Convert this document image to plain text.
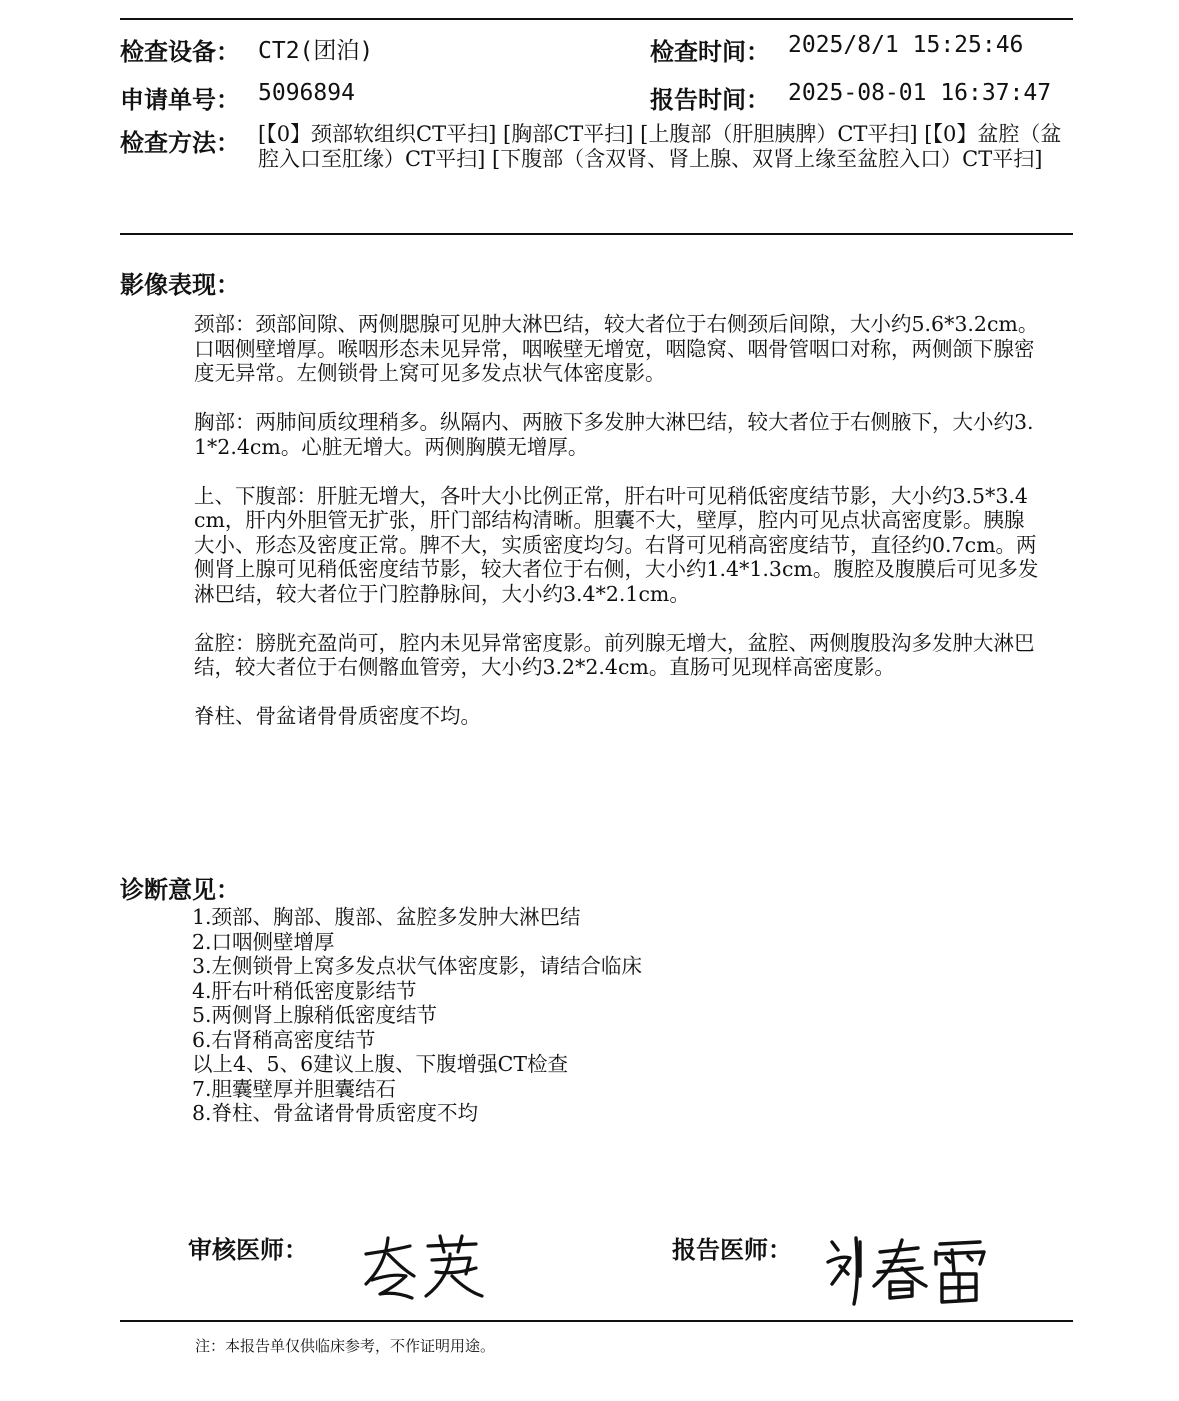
检查设备： CT2(团泊)	检查时间： 2025/8/1 15:25:46
申请单号： 5096894	报告时间： 2025-08-01 16:37:47
检查方法： [【0】颈部软组织CT平扫] [胸部CT平扫] [上腹部（肝胆胰脾）CT平扫] [【0】盆腔（盆腔入口至肛缘）CT平扫] [下腹部（含双肾、肾上腺、双肾上缘至盆腔入口）CT平扫]
影像表现：

颈部：颈部间隙、两侧腮腺可见肿大淋巴结，较大者位于右侧颈后间隙，大小约5.6*3.2cm。口咽侧壁增厚。喉咽形态未见异常，咽喉壁无增宽，咽隐窝、咽骨管咽口对称，两侧颌下腺密度无异常。左侧锁骨上窝可见多发点状气体密度影。

胸部：两肺间质纹理稍多。纵隔内、两腋下多发肿大淋巴结，较大者位于右侧腋下，大小约3.1*2.4cm。心脏无增大。两侧胸膜无增厚。

上、下腹部：肝脏无增大，各叶大小比例正常，肝右叶可见稍低密度结节影，大小约3.5*3.4cm，肝内外胆管无扩张，肝门部结构清晰。胆囊不大，壁厚，腔内可见点状高密度影。胰腺大小、形态及密度正常。脾不大，实质密度均匀。右肾可见稍高密度结节，直径约0.7cm。两侧肾上腺可见稍低密度结节影，较大者位于右侧，大小约1.4*1.3cm。腹腔及腹膜后可见多发淋巴结，较大者位于门腔静脉间，大小约3.4*2.1cm。

盆腔：膀胱充盈尚可，腔内未见异常密度影。前列腺无增大，盆腔、两侧腹股沟多发肿大淋巴结，较大者位于右侧髂血管旁，大小约3.2*2.4cm。直肠可见现样高密度影。

脊柱、骨盆诸骨骨质密度不均。

诊断意见：
1.颈部、胸部、腹部、盆腔多发肿大淋巴结
2.口咽侧壁增厚
3.左侧锁骨上窝多发点状气体密度影，请结合临床
4.肝右叶稍低密度影结节
5.两侧肾上腺稍低密度结节
6.右肾稍高密度结节
以上4、5、6建议上腹、下腹增强CT检查
7.胆囊壁厚并胆囊结石
8.脊柱、骨盆诸骨骨质密度不均
审核医师：	报告医师：
注：本报告单仅供临床参考，不作证明用途。
